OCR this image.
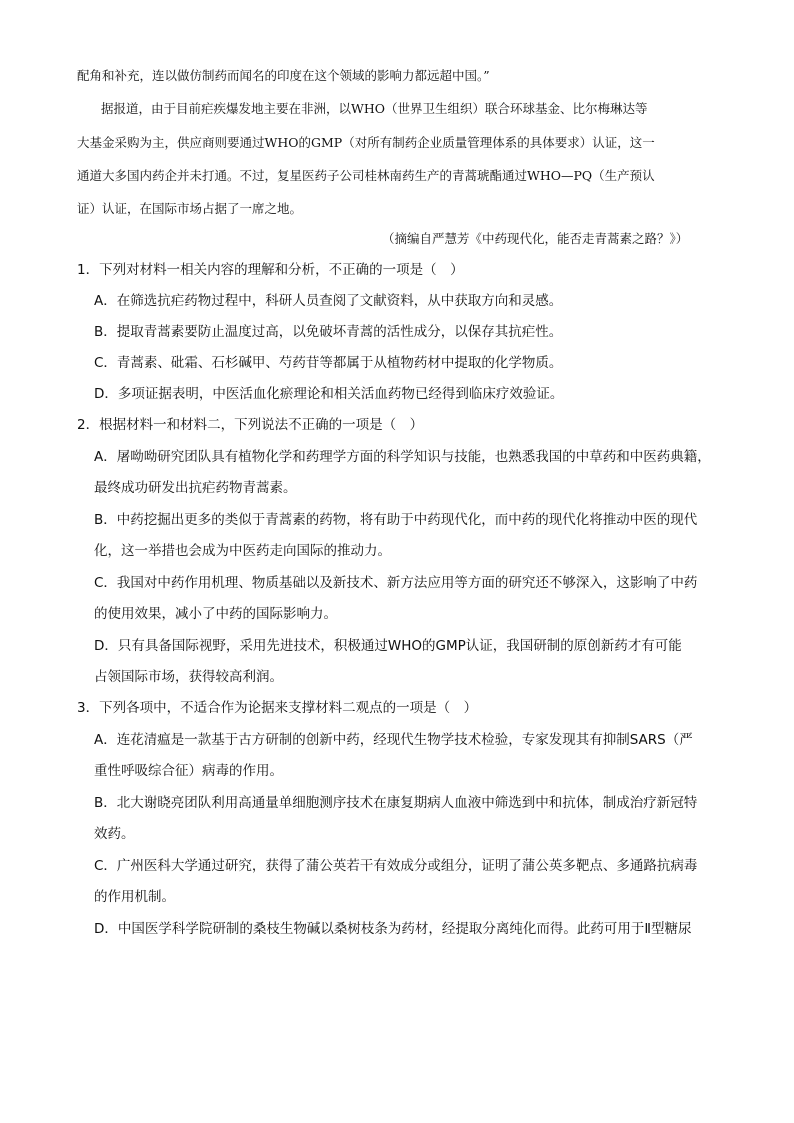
配角和补充，连以做仿制药而闻名的印度在这个领域的影响力都远超中国。”
据报道，由于目前疟疾爆发地主要在非洲，以WHO（世界卫生组织）联合环球基金、比尔梅琳达等
大基金采购为主，供应商则要通过WHO的GMP（对所有制药企业质量管理体系的具体要求）认证，这一
通道大多国内药企并未打通。不过，复星医药子公司桂林南药生产的青蒿琥酯通过WHO—PQ（生产预认
证）认证，在国际市场占据了一席之地。
（摘编自严慧芳《中药现代化，能否走青蒿素之路？》）
1．下列对材料一相关内容的理解和分析，不正确的一项是（　）
A．在筛选抗疟药物过程中，科研人员查阅了文献资料，从中获取方向和灵感。
B．提取青蒿素要防止温度过高，以免破坏青蒿的活性成分，以保存其抗疟性。
C．青蒿素、砒霜、石杉碱甲、芍药苷等都属于从植物药材中提取的化学物质。
D．多项证据表明，中医活血化瘀理论和相关活血药物已经得到临床疗效验证。
2．根据材料一和材料二，下列说法不正确的一项是（　）
A．屠呦呦研究团队具有植物化学和药理学方面的科学知识与技能，也熟悉我国的中草药和中医药典籍，
最终成功研发出抗疟药物青蒿素。
B．中药挖掘出更多的类似于青蒿素的药物，将有助于中药现代化，而中药的现代化将推动中医的现代
化，这一举措也会成为中医药走向国际的推动力。
C．我国对中药作用机理、物质基础以及新技术、新方法应用等方面的研究还不够深入，这影响了中药
的使用效果，减小了中药的国际影响力。
D．只有具备国际视野，采用先进技术，积极通过WHO的GMP认证，我国研制的原创新药才有可能
占领国际市场，获得较高利润。
3．下列各项中，不适合作为论据来支撑材料二观点的一项是（　）
A．连花清瘟是一款基于古方研制的创新中药，经现代生物学技术检验，专家发现其有抑制SARS（严
重性呼吸综合征）病毒的作用。
B．北大谢晓亮团队利用高通量单细胞测序技术在康复期病人血液中筛选到中和抗体，制成治疗新冠特
效药。
C．广州医科大学通过研究，获得了蒲公英若干有效成分或组分，证明了蒲公英多靶点、多通路抗病毒
的作用机制。
D．中国医学科学院研制的桑枝生物碱以桑树枝条为药材，经提取分离纯化而得。此药可用于Ⅱ型糖尿
